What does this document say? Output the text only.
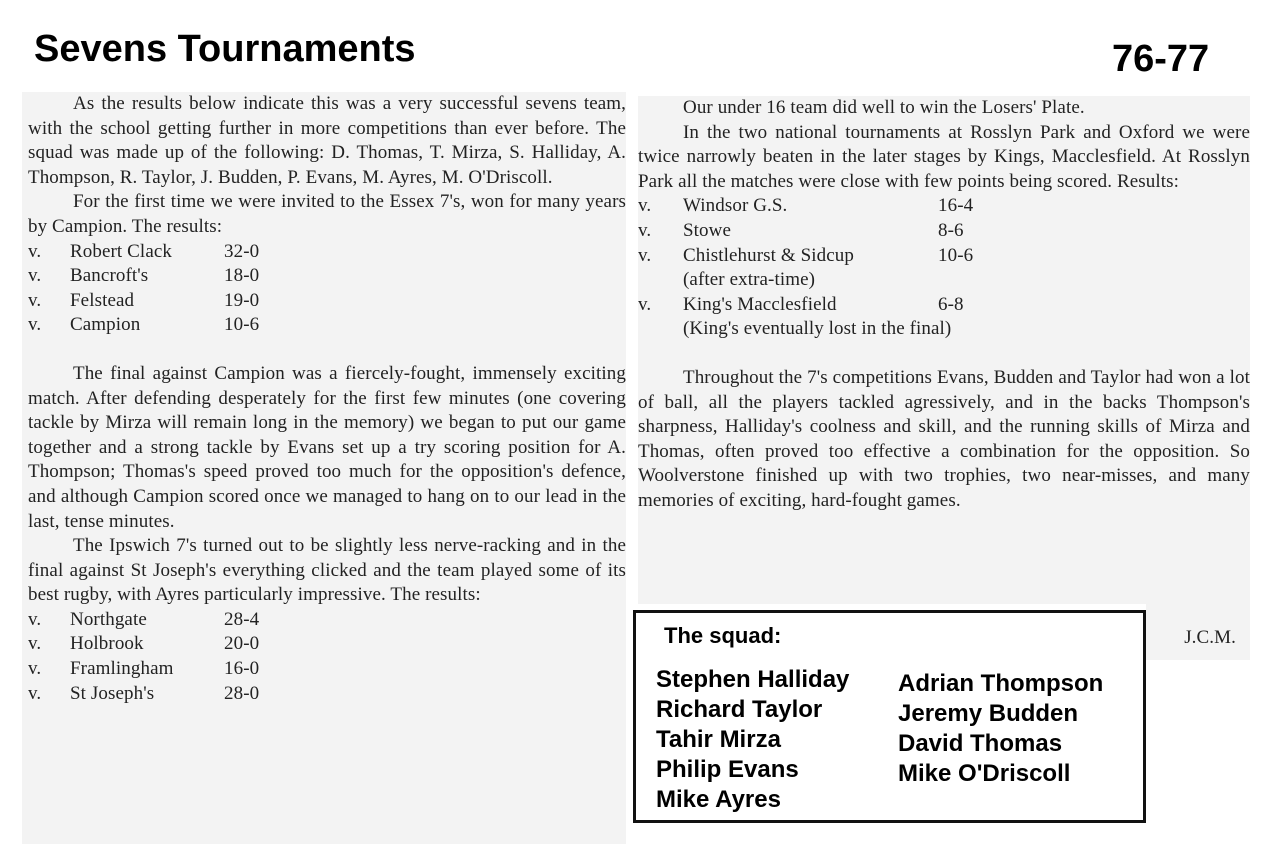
Sevens Tournaments	76-77

As the results below indicate this was a very successful sevens team, with the school getting further in more competitions than ever before. The squad was made up of the following: D. Thomas, T. Mirza, S. Halliday, A. Thompson, R. Taylor, J. Budden, P. Evans, M. Ayres, M. O'Driscoll.

For the first time we were invited to the Essex 7's, won for many years by Campion. The results:

v.	Robert Clack	32-0
v.	Bancroft's	18-0
v.	Felstead	19-0
v.	Campion	10-6

The final against Campion was a fiercely-fought, immensely exciting match. After defending desperately for the first few minutes (one covering tackle by Mirza will remain long in the memory) we began to put our game together and a strong tackle by Evans set up a try scoring position for A. Thompson; Thomas's speed proved too much for the opposition's defence, and although Campion scored once we managed to hang on to our lead in the last, tense minutes.

The Ipswich 7's turned out to be slightly less nerve-racking and in the final against St Joseph's everything clicked and the team played some of its best rugby, with Ayres particularly impressive. The results:

v.	Northgate	28-4
v.	Holbrook	20-0
v.	Framlingham	16-0
v.	St Joseph's	28-0

Our under 16 team did well to win the Losers' Plate.

In the two national tournaments at Rosslyn Park and Oxford we were twice narrowly beaten in the later stages by Kings, Macclesfield. At Rosslyn Park all the matches were close with few points being scored. Results:

v.	Windsor G.S.	16-4
v.	Stowe	8-6
v.	Chistlehurst & Sidcup	10-6
(after extra-time)
v.	King's Macclesfield	6-8
(King's eventually lost in the final)

Throughout the 7's competitions Evans, Budden and Taylor had won a lot of ball, all the players tackled agressively, and in the backs Thompson's sharpness, Halliday's coolness and skill, and the running skills of Mirza and Thomas, often proved too effective a combination for the opposition. So Woolverstone finished up with two trophies, two near-misses, and many memories of exciting, hard-fought games.

J.C.M.
The squad:
Stephen Halliday
Richard Taylor
Tahir Mirza
Philip Evans
Mike Ayres
Adrian Thompson
Jeremy Budden
David Thomas
Mike O'Driscoll
